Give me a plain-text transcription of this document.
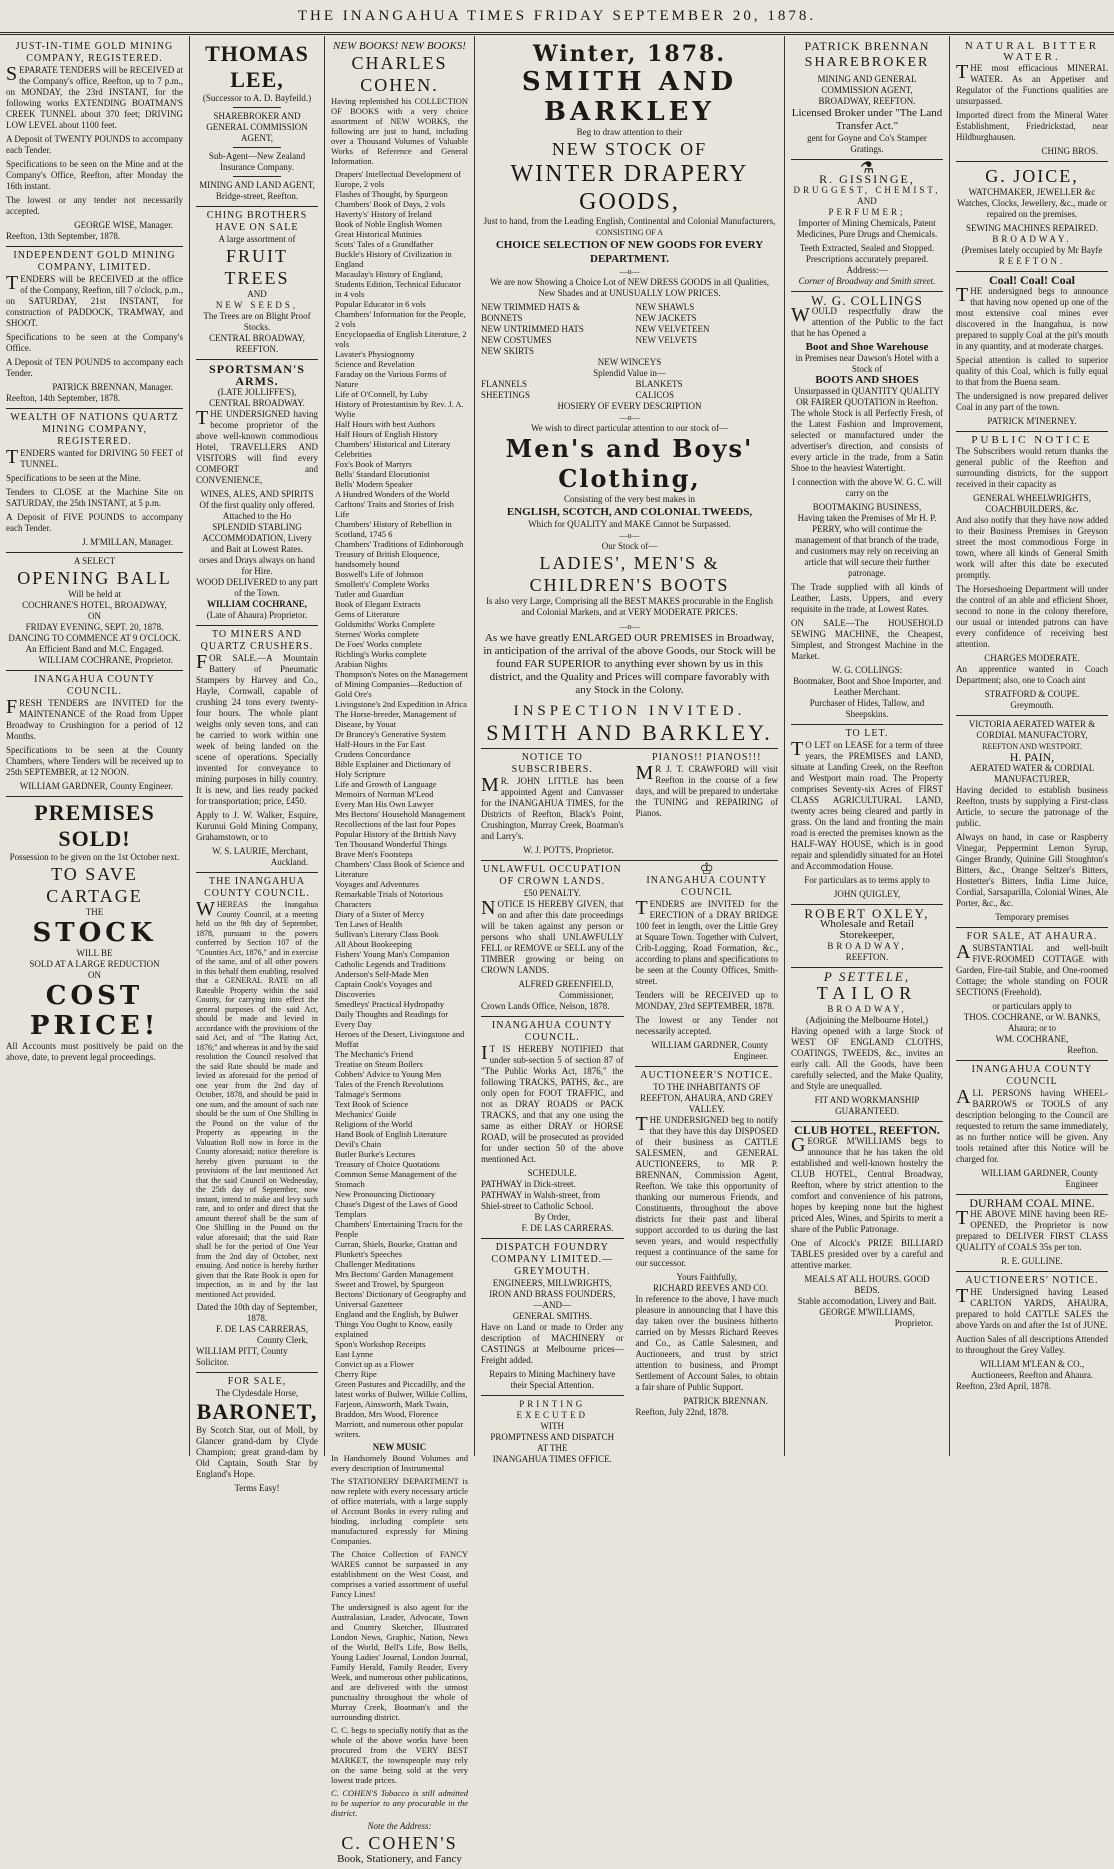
THE INANGAHUA TIMES FRIDAY SEPTEMBER 20, 1878.
JUST-IN-TIME GOLD MINING COMPANY, REGISTERED.

SEPARATE TENDERS will be RECEIVED at the Company's office, Reefton, up to 7 p.m., on MONDAY, the 23rd INSTANT, for the following works EXTENDING BOATMAN'S CREEK TUNNEL about 370 feet; DRIVING LOW LEVEL about 1100 feet.

A Deposit of TWENTY POUNDS to accompany each Tender.

Specifications to be seen on the Mine and at the Company's Office, Reefton, after Monday the 16th instant.

The lowest or any tender not necessarily accepted.

GEORGE WISE, Manager.
Reefton, 13th September, 1878.
INDEPENDENT GOLD MINING COMPANY, LIMITED.

TENDERS will be RECEIVED at the office of the Company, Reefton, till 7 o'clock, p.m., on SATURDAY, 21st INSTANT, for construction of PADDOCK, TRAMWAY, and SHOOT.

Specifications to be seen at the Company's Office.

A Deposit of TEN POUNDS to accompany each Tender.

PATRICK BRENNAN, Manager.
Reefton, 14th September, 1878.
WEALTH OF NATIONS QUARTZ MINING COMPANY, REGISTERED.

TENDERS wanted for DRIVING 50 FEET of TUNNEL.

Specifications to be seen at the Mine.

Tenders to CLOSE at the Machine Site on SATURDAY, the 25th INSTANT, at 5 p.m.

A Deposit of FIVE POUNDS to accompany each Tender.

J. M'MILLAN, Manager.
A SELECT
OPENING BALL
Will be held at
COCHRANE'S HOTEL, BROADWAY,
ON
FRIDAY EVENING, SEPT. 20, 1878.
DANCING TO COMMENCE AT 9 O'CLOCK.
An Efficient Band and M.C. Engaged.
WILLIAM COCHRANE, Proprietor.
INANGAHUA COUNTY COUNCIL.

FRESH TENDERS are INVITED for the MAINTENANCE of the Road from Upper Broadway to Crushington for a period of 12 Months.

Specifications to be seen at the County Chambers, where Tenders will be received up to 25th SEPTEMBER, at 12 NOON.

WILLIAM GARDNER, County Engineer.
PREMISES SOLD!
Possession to be given on the 1st October next.
TO SAVE CARTAGE
THE
STOCK
WILL BE
SOLD AT A LARGE REDUCTION
ON
COST PRICE!

All Accounts must positively be paid on the above, date, to prevent legal proceedings.

THOMAS LEE,
(Successor to A. D. Bayfeild.)
SHAREBROKER AND GENERAL COMMISSION AGENT,
Sub-Agent—New Zealand Insurance Company.
MINING AND LAND AGENT,
Bridge-street, Reefton.
CHING BROTHERS HAVE ON SALE
A large assortment of
FRUIT TREES
AND
NEW SEEDS,
The Trees are on Blight Proof Stocks.
CENTRAL BROADWAY, REEFTON.
SPORTSMAN'S ARMS.
(LATE JOLLIFFE'S), CENTRAL BROADWAY.

THE UNDERSIGNED having become proprietor of the above well-known commodious Hotel, TRAVELLERS AND VISITORS will find every COMFORT and CONVENIENCE,

WINES, ALES, AND SPIRITS
Of the first quality only offered.
Attached to the Ho
SPLENDID STABLING ACCOMMODATION, Livery and Bait at Lowest Rates.
orses and Drays always on hand for Hire.
WOOD DELIVERED to any part of the Town.
WILLIAM COCHRANE,
(Late of Ahaura) Proprietor.
TO MINERS AND QUARTZ CRUSHERS.

FOR SALE.—A Mountain Battery of Pneumatic Stampers by Harvey and Co., Hayle, Cornwall, capable of crushing 24 tons every twenty-four hours. The whole plant weighs only seven tons, and can be carried to work within one week of being landed on the scene of operations. Specially invented for conveyance to mining purposes in hilly country. It is new, and lies ready packed for transportation; price, £450.

Apply to J. W. Walker, Esquire, Kurunui Gold Mining Company, Grahamstown, or to

W. S. LAURIE, Merchant, Auckland.
THE INANGAHUA COUNTY COUNCIL.

WHEREAS the Inangahua County Council, at a meeting held on the 9th day of September, 1878, pursuant to the powers conferred by Section 107 of the "Counties Act, 1876," and in exercise of the same, and of all other powers in this behalf them enabling, resolved that a GENERAL RATE on all Rateable Property within the said County, for carrying into effect the general purposes of the said Act, should be made and levied in accordance with the provisions of the said Act, and of "The Rating Act, 1876;" and whereas in and by the said resolution the Council resolved that the said Rate should be made and levied as aforesaid for the period of one year from the 2nd day of October, 1878, and should be paid in one sum, and the amount of such rate should be the sum of One Shilling in the Pound on the value of the Property as appearing in the Valuation Roll now in force in the County aforesaid; notice therefore is hereby given pursuant to the provisions of the last mentioned Act that the said Council on Wednesday, the 25th day of September, now instant, intend to make and levy such rate, and to order and direct that the amount thereof shall be the sum of One Shilling in the Pound on the value aforesaid; that the said Rate shall be for the period of One Year from the 2nd day of October, next ensuing. And notice is hereby further given that the Rate Book is open for inspection, as in and by the last mentioned Act provided.

Dated the 10th day of September, 1878.
F. DE LAS CARRERAS, County Clerk,
WILLIAM PITT, County Solicitor.
FOR SALE,
The Clydesdale Horse,
BARONET,

By Scotch Star, out of Moll, by Glancer grand-dam by Clyde Champion; great grand-dam by Old Captain, South Star by England's Hope.

Terms Easy!
NEW BOOKS! NEW BOOKS!
CHARLES COHEN.

Having replenished his COLLECTION OF BOOKS with a very choice assortment of NEW WORKS, the following are just to hand, including over a Thousand Volumes of Valuable Works of Reference and General Information.

Drapers' Intellectual Development of Europe, 2 vols
Flashes of Thought, by Spurgeon
Chambers' Book of Days, 2 vols
Haverty's' History of Ireland
Book of Noble English Women
Great Historical Mutinies
Scots' Tales of a Grandfather
Buckle's History of Civilization in England
Macaulay's History of England, Students Edition, Technical Educator in 4 vols
Popular Educator in 6 vols
Chambers' Information for the People, 2 vols
Encyclopaedia of English Literature, 2 vols
Lavater's Physiognomy
Science and Revelation
Faraday on the Various Forms of Nature
Life of O'Connell, by Luby
History of Protestantism by Rev. J. A. Wylie
Half Hours with best Authors
Half Hours of English History
Chambers' Historical and Literary Celebrities
Fox's Book of Martyrs
Bells' Standard Elocutionist
Bells' Modern Speaker
A Hundred Wonders of the World
Carltons' Traits and Stories of Irish Life
Chambers' History of Rebellion in Scotland, 1745 6
Chambers' Traditions of Edinborough
Treasury of British Eloquence, handsomely bound
Boswell's Life of Johnson
Smollett's' Complete Works
Tutler and Guardian
Book of Elegant Extracts
Gems of Literature
Goldsmiths' Works Complete
Sternes' Works complete
De Foes' Works complete
Richling's Works complete
Arabian Nights
Thompson's Notes on the Management of Mining Companies—Reduction of Gold Ore's
Livingstone's 2nd Expedition in Africa
The Horse-breeder, Management of Disease, by Youat
Dr Brancey's Generative System
Half-Hours in the Far East
Crudens Concordance
Bible Explainer and Dictionary of Holy Scripture
Life and Growth of Language
Memoirs of Norman M'Leod
Every Man His Own Lawyer
Mrs Bectons' Household Management
Recollections of the last four Popes
Popular History of the British Navy
Ten Thousand Wonderful Things
Brave Men's Footsteps
Chambers' Class Book of Science and Literature
Voyages and Adventures
Remarkable Trials of Notorious Characters
Diary of a Sister of Mercy
Ten Laws of Health
Sullivan's Literary Class Book
All About Bookeeping
Fishers' Young Man's Companion
Catholic Legends and Traditions
Anderson's Self-Made Men
Captain Cook's Voyages and Discoveries
Smedleys' Practical Hydropathy
Daily Thoughts and Readings for Every Day
Heroes of the Desert, Livingstone and Moffat
The Mechanic's Friend
Treatise on Steam Boilers
Cobbets' Advice to Young Men
Tales of the French Revolutions
Talmage's Sermons
Text Book of Science
Mechanics' Guide
Religions of the World
Hand Book of English Literature
Devil's Chain
Butler Burke's Lectures
Treasury of Choice Quotations
Common Sense Management of the Stomach
New Pronouncing Dictionary
Chase's Digest of the Laws of Good Templars
Chambers' Entertaining Tracts for the People
Curran, Shiels, Bourke, Grattan and Plunkett's Speeches
Challenger Meditations
Mrs Bectons' Garden Management
Sweet and Trowel, by Spurgeon
Bectons' Dictionary of Geography and Universal Gazetteer
England and the English, by Bulwer
Things You Ought to Know, easily explained
Spon's Workshop Receipts
East Lynne
Convict up as a Flower
Cherry Ripe
Green Pastures and Piccadilly, and the latest works of Bulwer, Wilkie Collins, Farjeon, Ainsworth, Mark Twain, Braddon, Mrs Wood, Florence Marriott, and numerous other popular writers.
NEW MUSIC

In Handsomely Bound Volumes and every description of Instrumental

The STATIONERY DEPARTMENT is now replete with every necessary article of office materials, with a large supply of Account Books in every ruling and binding, including complete sets manufactured expressly for Mining Companies.

The Choice Collection of FANCY WARES cannot be surpassed in any establishment on the West Coast, and comprises a varied assortment of useful Fancy Lines!

The undersigned is also agent for the Australasian, Leader, Advocate, Town and Country Sketcher, Illustrated London News, Graphic, Nation, News of the World, Bell's Life, Bow Bells, Young Ladies' Journal, London Journal, Family Herald, Family Reader, Every Week, and numerous other publications, and are delivered with the utmost punctuality throughout the whole of Murray Creek, Boatman's and the surrounding district.

C. C. begs to specially notify that as the whole of the above works have been procured from the VERY BEST MARKET, the townspeople may rely on the same being sold at the very lowest trade prices.

C. COHEN'S Tobacco is still admitted to be superior to any procurable in the district.

Note the Address:
C. COHEN'S
Book, Stationery, and Fancy
Winter, 1878.
SMITH AND BARKLEY
Beg to draw attention to their
NEW STOCK OF
WINTER DRAPERY GOODS,
Just to hand, from the Leading English, Continental and Colonial Manufacturers,
CONSISTING OF A
CHOICE SELECTION OF NEW GOODS FOR EVERY DEPARTMENT.
—o—

We are now Showing a Choice Lot of NEW DRESS GOODS in all Qualities, New Shades and at UNUSUALLY LOW PRICES.

NEW TRIMMED HATS & BONNETS
NEW UNTRIMMED HATS
NEW COSTUMES
NEW SKIRTS
NEW SHAWLS
NEW JACKETS
NEW VELVETEEN
NEW VELVETS
NEW WINCEYS
Splendid Value in—
FLANNELS
SHEETINGS
BLANKETS
CALICOS
HOSIERY OF EVERY DESCRIPTION
—o—
We wish to direct particular attention to our stock of—
Men's and Boys' Clothing,
Consisting of the very best makes in
ENGLISH, SCOTCH, AND COLONIAL TWEEDS,
Which for QUALITY and MAKE Cannot be Surpassed.
—o—
Our Stock of—
LADIES', MEN'S & CHILDREN'S BOOTS

Is also very Large, Comprising all the BEST MAKES procurable in the English and Colonial Markets, and at VERY MODERATE PRICES.

—o—

As we have greatly ENLARGED OUR PREMISES in Broadway, in anticipation of the arrival of the above Goods, our Stock will be found FAR SUPERIOR to anything ever shown by us in this district, and the Quality and Prices will compare favorably with any Stock in the Colony.

INSPECTION INVITED.
SMITH AND BARKLEY.
NOTICE TO SUBSCRIBERS.

MR. JOHN LITTLE has been appointed Agent and Canvasser for the INANGAHUA TIMES, for the Districts of Reefton, Black's Point, Crushington, Murray Creek, Boatman's and Larry's.

W. J. POTTS, Proprietor.
PIANOS!! PIANOS!!!

MR J. T. CRAWFORD will visit Reefton in the course of a few days, and will be prepared to undertake the TUNING and REPAIRING of Pianos.

UNLAWFUL OCCUPATION OF CROWN LANDS.
£50 PENALTY.

NOTICE IS HEREBY GIVEN, that on and after this date proceedings will be taken against any person or persons who shall UNLAWFULLY FELL or REMOVE or SELL any of the TIMBER growing or being on CROWN LANDS.

ALFRED GREENFIELD, Commissioner,
Crown Lands Office, Nelson, 1878.
INANGAHUA COUNTY COUNCIL.

IT IS HEREBY NOTIFIED that under sub-section 5 of section 87 of "The Public Works Act, 1876," the following TRACKS, PATHS, &c., are only open for FOOT TRAFFIC, and not as DRAY ROADS or PACK TRACKS, and that any one using the same as either DRAY or HORSE ROAD, will be prosecuted as provided for under section 50 of the above mentioned Act.

SCHEDULE.
PATHWAY in Dick-street.
PATHWAY in Walsh-street, from Shiel-street to Catholic School.
By Order,
F. DE LAS CARRERAS.
DISPATCH FOUNDRY COMPANY LIMITED.—GREYMOUTH.
ENGINEERS, MILLWRIGHTS, IRON AND BRASS FOUNDERS,
—AND—
GENERAL SMITHS.

Have on Land or made to Order any description of MACHINERY or CASTINGS at Melbourne prices—Freight added.

Repairs to Mining Machinery have their Special Attention.
PRINTING EXECUTED
WITH
PROMPTNESS AND DISPATCH
AT THE
INANGAHUA TIMES OFFICE.
♔
INANGAHUA COUNTY COUNCIL

TENDERS are INVITED for the ERECTION of a DRAY BRIDGE 100 feet in length, over the Little Grey at Square Town. Together with Culvert, Crib-Logging, Road Formation, &c., according to plans and specifications to be seen at the County Offices, Smith-street.

Tenders will be RECEIVED up to MONDAY, 23rd SEPTEMBER, 1878.

The lowest or any Tender not necessarily accepted.

WILLIAM GARDNER, County Engineer.
AUCTIONEER'S NOTICE.
TO THE INHABITANTS OF REEFTON, AHAURA, AND GREY VALLEY.

THE UNDERSIGNED beg to notify that they have this day DISPOSED of their business as CATTLE SALESMEN, and GENERAL AUCTIONEERS, to MR P. BRENNAN, Commission Agent, Reefton. We take this opportunity of thanking our numerous Friends, and Constituents, throughout the above districts for their past and liberal support accorded to us during the last seven years, and would respectfully request a continuance of the same for our successor.

Yours Faithfully,
RICHARD REEVES AND CO.

In reference to the above, I have much pleasure in announcing that I have this day taken over the business hitherto carried on by Messrs Richard Reeves and Co., as Cattle Salesmen, and Auctioneers, and trust by strict attention to business, and Prompt Settlement of Account Sales, to obtain a fair share of Public Support.

PATRICK BRENNAN.
Reefton, July 22nd, 1878.
PATRICK BRENNAN
SHAREBROKER
MINING AND GENERAL COMMISSION AGENT,
BROADWAY, REEFTON.
Licensed Broker under "The Land Transfer Act."
gent for Goyne and Co's Stamper Gratings.
⚗
R. GISSINGE,
DRUGGEST, CHEMIST,
AND
PERFUMER;

Importer of Mining Chemicals, Patent Medicines, Pure Drugs and Chemicals.

Teeth Extracted, Sealed and Stopped.
Prescriptions accurately prepared.
Address:—
Corner of Broadway and Smith street.
W. G. COLLINGS

WOULD respectfully draw the attention of the Public to the fact that he has Opened a

Boot and Shoe Warehouse
in Premises near Dawson's Hotel with a Stock of
BOOTS AND SHOES
Unsurpassed in QUANTITY QUALITY OR FAIRER QUOTATION in Reefton.

The whole Stock is all Perfectly Fresh, of the Latest Fashion and Improvement, selected or manufactured under the advertiser's direction, and consists of every article in the trade, from a Satin Shoe to the heaviest Watertight.

I connection with the above W. G. C. will carry on the

BOOTMAKING BUSINESS,

Having taken the Premises of Mr H. P. PERRY, who will continue the management of that branch of the trade, and customers may rely on receiving an article that will secure their further patronage.

The Trade supplied with all kinds of Leather, Lasts, Uppers, and every requisite in the trade, at Lowest Rates.

ON SALE—The HOUSEHOLD SEWING MACHINE, the Cheapest, Simplest, and Strongest Machine in the Market.

W. G. COLLINGS:
Bootmaker, Boot and Shoe Importer, and Leather Merchant.
Purchaser of Hides, Tallow, and Sheepskins.
TO LET.

TO LET on LEASE for a term of three years, the PREMISES and LAND, situate at Landing Creek, on the Reefton and Westport main road. The Property comprises Seventy-six Acres of FIRST CLASS AGRICULTURAL LAND, twenty acres being cleared and partly in grass. On the land and fronting the main road is erected the premises known as the HALF-WAY HOUSE, which is in good repair and splendidly situated for an Hotel and Accommodation House.

For particulars as to terms apply to

JOHN QUIGLEY,
ROBERT OXLEY,
Wholesale and Retail
Storekeeper,
BROADWAY,
REEFTON.
P SETTELE,
TAILOR
BROADWAY,
(Adjoining the Melbourne Hotel,)

Having opened with a large Stock of WEST OF ENGLAND CLOTHS, COATINGS, TWEEDS, &c., invites an early call. All the Goods, have been carefully selected, and the Make Quality, and Style are unequalled.

FIT AND WORKMANSHIP GUARANTEED.
CLUB HOTEL, REEFTON.

GEORGE M'WILLIAMS begs to announce that he has taken the old established and well-known hostelry the CLUB HOTEL, Central Broadway, Reefton, where by strict attention to the comfort and convenience of his patrons, hopes by keeping none but the highest priced Ales, Wines, and Spirits to merit a share of the Public Patronage.

One of Alcock's PRIZE BILLIARD TABLES presided over by a careful and attentive marker.

MEALS AT ALL HOURS. GOOD BEDS.
Stable accomodation, Livery and Bait.
GEORGE M'WILLIAMS,
Proprietor.
NATURAL BITTER WATER.

THE most efficacious MINERAL WATER. As an Appetiser and Regulator of the Functions qualities are unsurpassed.

Imported direct from the Mineral Water Establishment, Friedrickstad, near Hildburghausen.

CHING BROS.
G. JOICE,
WATCHMAKER, JEWELLER &c

Watches, Clocks, Jewellery, &c., made or repaired on the premises.

SEWING MACHINES REPAIRED.
BROADWAY.
(Premises lately occupied by Mr Bayfe
REEFTON.
Coal! Coal! Coal

THE undersigned begs to announce that having now opened up one of the most extensive coal mines ever discovered in the Inangahua, is now prepared to supply Coal at the pit's mouth in any quantity, and at moderate charges.

Special attention is called to superior quality of this Coal, which is fully equal to that from the Buena seam.

The undersigned is now prepared deliver Coal in any part of the town.

PATRICK M'INERNEY.
PUBLIC NOTICE

The Subscribers would return thanks the general public of the Reefton and surrounding districts, for the support received in their capacity as

GENERAL WHEELWRIGHTS, COACHBUILDERS, &c.

And also notify that they have now added to their Business Premises in Greyson street the most commodious Forge in town, where all kinds of General Smith work will after this date be executed promptly.

The Horseshoeing Department will under the control of an able and efficient Shoer, second to none in the colony therefore, our usual or intended patrons can have every confidence of receiving best attention.

CHARGES MODERATE.

An apprentice wanted in Coach Department; also, one to Coach aint

STRATFORD & COUPE.
Greymouth.
VICTORIA AERATED WATER & CORDIAL MANUFACTORY,
REEFTON AND WESTPORT.
H. PAIN,
AERATED WATER & CORDIAL MANUFACTURER,

Having decided to establish business Reefton, trusts by supplying a First-class Article, to secure the patronage of the public.

Always on hand, in case or Raspberry Vinegar, Peppermint Lemon Syrup, Ginger Brandy, Quinine Gill Stoughton's Bitters, &c., Orange Seltzer's Bitters, Hostetter's Bitters, India Lime Juice, Cordial, Sarsaparilla, Colonial Wines, Ale Porter, &c., &c.

Temporary premises
FOR SALE, AT AHAURA.

ASUBSTANTIAL and well-built FIVE-ROOMED COTTAGE with Garden, Fire-tail Stable, and One-roomed Cottage; the whole standing on FOUR SECTIONS (Freehold).

or particulars apply to
THOS. COCHRANE, or W. BANKS,
Ahaura; or to
WM. COCHRANE,
Reefton.
INANGAHUA COUNTY COUNCIL

ALL PERSONS having WHEEL-BARROWS or TOOLS of any description belonging to the Council are requested to return the same immediately, as no further notice will be given. Any tools retained after this Notice will be charged for.

WILLIAM GARDNER, County Engineer
DURHAM COAL MINE.

THE ABOVE MINE having been RE-OPENED, the Proprietor is now prepared to DELIVER FIRST CLASS QUALITY of COALS 35s per ton.

R. E. GULLINE.
AUCTIONEERS' NOTICE.

THE Undersigned having Leased CARLTON YARDS, AHAURA, prepared to hold CATTLE SALES the above Yards on and after the 1st of JUNE.

Auction Sales of all descriptions Attended to throughout the Grey Valley.

WILLIAM M'LEAN & CO.,
Auctioneers, Reefton and Ahaura.
Reefton, 23rd April, 1878.
